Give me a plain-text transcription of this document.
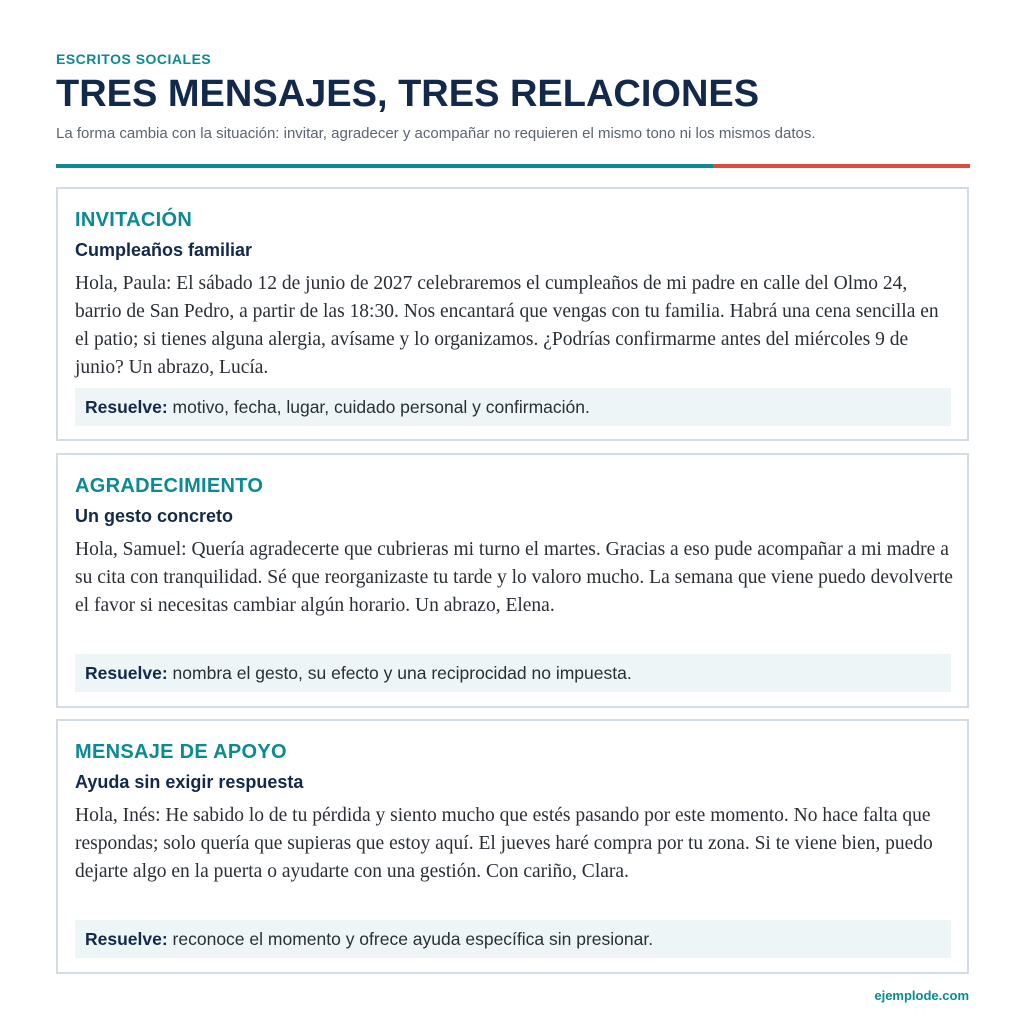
ESCRITOS SOCIALES
TRES MENSAJES, TRES RELACIONES
La forma cambia con la situación: invitar, agradecer y acompañar no requieren el mismo tono ni los mismos datos.
INVITACIÓN
Cumpleaños familiar
Hola, Paula: El sábado 12 de junio de 2027 celebraremos el cumpleaños de mi padre en calle del Olmo 24, barrio de San Pedro, a partir de las 18:30. Nos encantará que vengas con tu familia. Habrá una cena sencilla en el patio; si tienes alguna alergia, avísame y lo organizamos. ¿Podrías confirmarme antes del miércoles 9 de junio? Un abrazo, Lucía.
Resuelve: motivo, fecha, lugar, cuidado personal y confirmación.
AGRADECIMIENTO
Un gesto concreto
Hola, Samuel: Quería agradecerte que cubrieras mi turno el martes. Gracias a eso pude acompañar a mi madre a su cita con tranquilidad. Sé que reorganizaste tu tarde y lo valoro mucho. La semana que viene puedo devolverte el favor si necesitas cambiar algún horario. Un abrazo, Elena.
Resuelve: nombra el gesto, su efecto y una reciprocidad no impuesta.
MENSAJE DE APOYO
Ayuda sin exigir respuesta
Hola, Inés: He sabido lo de tu pérdida y siento mucho que estés pasando por este momento. No hace falta que respondas; solo quería que supieras que estoy aquí. El jueves haré compra por tu zona. Si te viene bien, puedo dejarte algo en la puerta o ayudarte con una gestión. Con cariño, Clara.
Resuelve: reconoce el momento y ofrece ayuda específica sin presionar.
ejemplode.com
